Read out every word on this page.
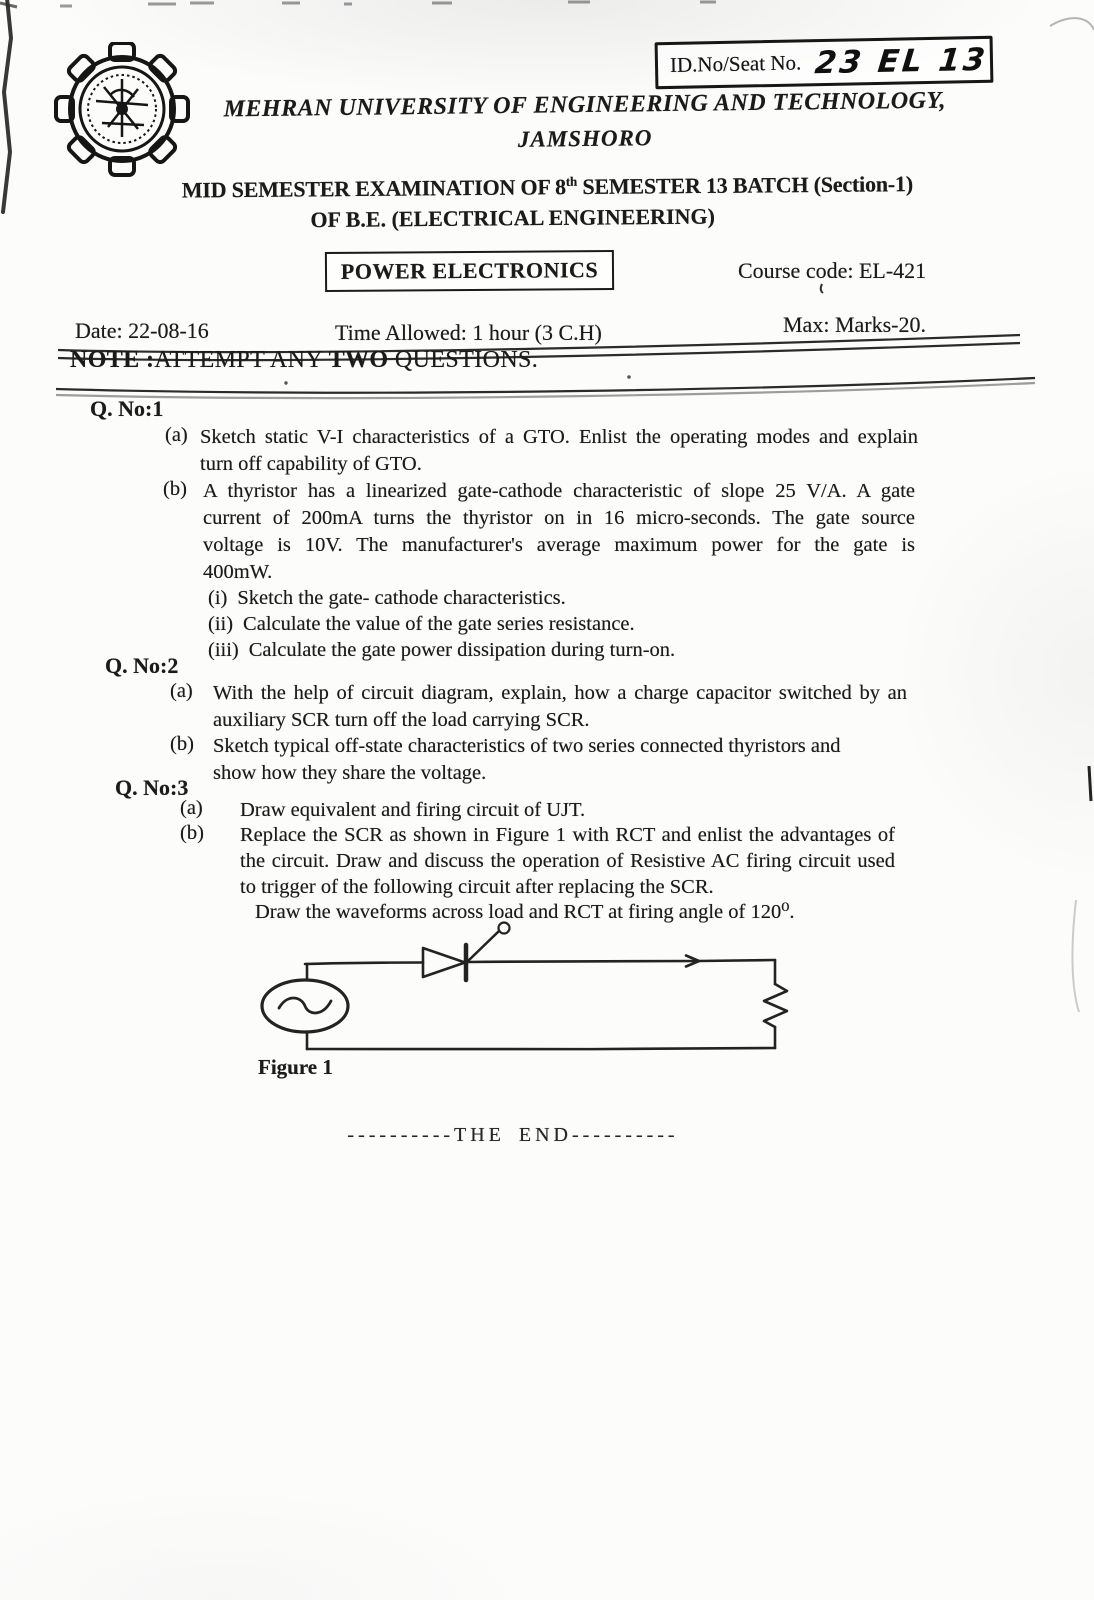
ID.No/Seat No. 23 EL 13
MEHRAN UNIVERSITY OF ENGINEERING AND TECHNOLOGY,
JAMSHORO
MID SEMESTER EXAMINATION OF 8th SEMESTER 13 BATCH (Section-1)
OF B.E. (ELECTRICAL ENGINEERING)
POWER ELECTRONICS	Course code: EL-421
Date: 22-08-16	Time Allowed: 1 hour (3 C.H)	Max: Marks-20.
NOTE :ATTEMPT ANY TWO QUESTIONS.
Q. No:1
(a) Sketch static V-I characteristics of a GTO. Enlist the operating modes and explain
turn off capability of GTO.
(b) A thyristor has a linearized gate-cathode characteristic of slope 25 V/A. A gate
current of 200mA turns the thyristor on in 16 micro-seconds. The gate source
voltage is 10V. The manufacturer's average maximum power for the gate is
400mW.
(i) Sketch the gate- cathode characteristics.
(ii) Calculate the value of the gate series resistance.
(iii) Calculate the gate power dissipation during turn-on.
Q. No:2
(a) With the help of circuit diagram, explain, how a charge capacitor switched by an
auxiliary SCR turn off the load carrying SCR.
(b) Sketch typical off-state characteristics of two series connected thyristors and
show how they share the voltage.
Q. No:3
(a) Draw equivalent and firing circuit of UJT.
(b) Replace the SCR as shown in Figure 1 with RCT and enlist the advantages of
the circuit. Draw and discuss the operation of Resistive AC firing circuit used
to trigger of the following circuit after replacing the SCR.
Draw the waveforms across load and RCT at firing angle of 120⁰.
Figure 1
----------THE END----------
